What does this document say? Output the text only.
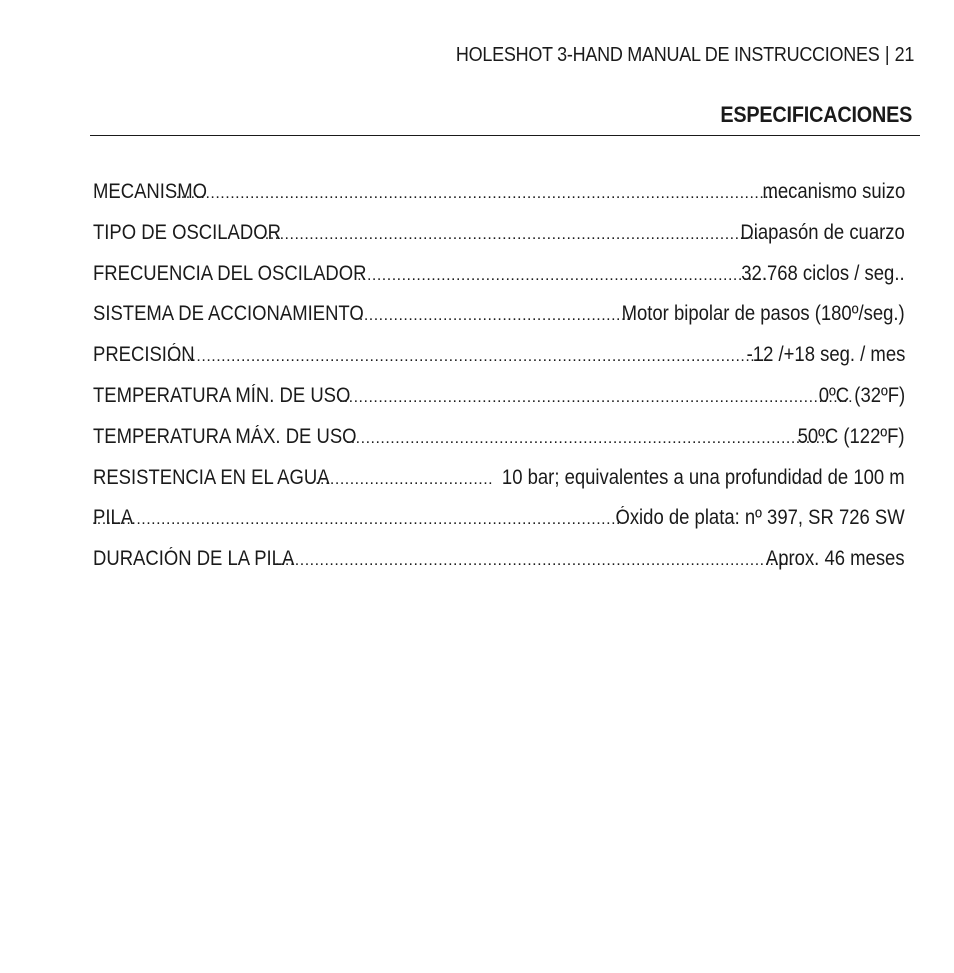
HOLESHOT 3-HAND MANUAL DE INSTRUCCIONES | 21
ESPECIFICACIONES
MECANISMO .....	mecanismo suizo
TIPO DE OSCILADOR .....	Diapasón de cuarzo
FRECUENCIA DEL OSCILADOR .....	32.768 ciclos / seg..
SISTEMA DE ACCIONAMIENTO .....	Motor bipolar de pasos (180º/seg.)
PRECISIÓN .....	-12 /+18 seg. / mes
TEMPERATURA MÍN. DE USO .....	0ºC (32ºF)
TEMPERATURA MÁX. DE USO .....	50ºC (122ºF)
RESISTENCIA EN EL AGUA .....	10 bar; equivalentes a una profundidad de 100 m
PILA .....	Óxido de plata: nº 397, SR 726 SW
DURACIÓN DE LA PILA .....	Aprox. 46 meses
